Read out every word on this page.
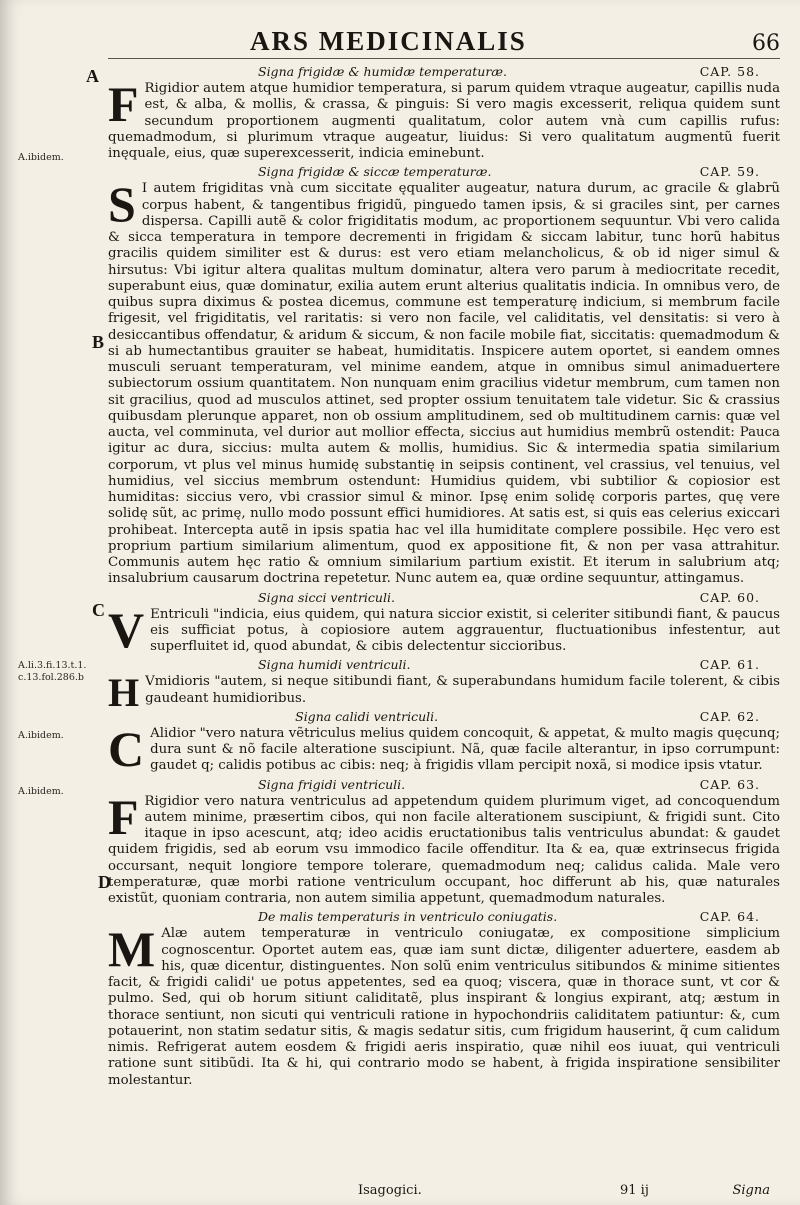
ARS MEDICINALIS	66
A
B
C
D
A.ibidem.
A.li.3.fi.13.t.1. c.13.fol.286.b
A.ibidem.
A.ibidem.
Signa frigidæ & humidæ temperaturæ.	CAP. 58.

F Rigidior autem atque humidior temperatura, si parum quidem vtraque augeatur, capillis nuda est, & alba, & mollis, & crassa, & pinguis: Si vero magis excesserit, reliqua quidem sunt secundum proportionem augmenti qualitatum, color autem vnà cum capillis rufus: quemadmodum, si plurimum vtraque augeatur, liuidus: Si vero qualitatum augmentũ fuerit inęquale, eius, quæ superexcesserit, indicia eminebunt.

Signa frigidæ & siccæ temperaturæ.	CAP. 59.

S I autem frigiditas vnà cum siccitate ęqualiter augeatur, natura durum, ac gracile & glabrũ corpus habent, & tangentibus frigidũ, pinguedo tamen ipsis, & si graciles sint, per carnes dispersa. Capilli autẽ & color frigiditatis modum, ac proportionem sequuntur. Vbi vero calida & sicca temperatura in tempore decrementi in frigidam & siccam labitur, tunc horũ habitus gracilis quidem similiter est & durus: est vero etiam melancholicus, & ob id niger simul & hirsutus: Vbi igitur altera qualitas multum dominatur, altera vero parum à mediocritate recedit, superabunt eius, quæ dominatur, exilia autem erunt alterius qualitatis indicia. In omnibus vero, de quibus supra diximus & postea dicemus, commune est temperaturę indicium, si membrum facile frigesit, vel frigiditatis, vel raritatis: si vero non facile, vel caliditatis, vel densitatis: si vero à desiccantibus offendatur, & aridum & siccum, & non facile mobile fiat, siccitatis: quemadmodum & si ab humectantibus grauiter se habeat, humiditatis. Inspicere autem oportet, si eandem omnes musculi seruant temperaturam, vel minime eandem, atque in omnibus simul animaduertere subiectorum ossium quantitatem. Non nunquam enim gracilius videtur membrum, cum tamen non sit gracilius, quod ad musculos attinet, sed propter ossium tenuitatem tale videtur. Sic & crassius quibusdam plerunque apparet, non ob ossium amplitudinem, sed ob multitudinem carnis: quæ vel aucta, vel comminuta, vel durior aut mollior effecta, siccius aut humidius membrũ ostendit: Pauca igitur ac dura, siccius: multa autem & mollis, humidius. Sic & intermedia spatia similarium corporum, vt plus vel minus humidę substantię in seipsis continent, vel crassius, vel tenuius, vel humidius, vel siccius membrum ostendunt: Humidius quidem, vbi subtilior & copiosior est humiditas: siccius vero, vbi crassior simul & minor. Ipsę enim solidę corporis partes, quę vere solidę sũt, ac primę, nullo modo possunt effici humidiores. At satis est, si quis eas celerius exiccari prohibeat. Intercepta autẽ in ipsis spatia hac vel illa humiditate complere possibile. Hęc vero est proprium partium similarium alimentum, quod ex appositione fit, & non per vasa attrahitur. Communis autem hęc ratio & omnium similarium partium existit. Et iterum in salubrium atq; insalubrium causarum doctrina repetetur. Nunc autem ea, quæ ordine sequuntur, attingamus.

Signa sicci ventriculi.	CAP. 60.

V Entriculi "indicia, eius quidem, qui natura siccior existit, si celeriter sitibundi fiant, & paucus eis sufficiat potus, à copiosiore autem aggrauentur, fluctuationibus infestentur, aut superfluitet id, quod abundat, & cibis delectentur siccioribus.

Signa humidi ventriculi.	CAP. 61.

H Vmidioris "autem, si neque sitibundi fiant, & superabundans humidum facile tolerent, & cibis gaudeant humidioribus.

Signa calidi ventriculi.	CAP. 62.

C Alidior "vero natura vẽtriculus melius quidem concoquit, & appetat, & multo magis quęcunq; dura sunt & nõ facile alteratione suscipiunt. Nã, quæ facile alterantur, in ipso corrumpunt: gaudet q; calidis potibus ac cibis: neq; à frigidis vllam percipit noxã, si modice ipsis vtatur.

Signa frigidi ventriculi.	CAP. 63.

F Rigidior vero natura ventriculus ad appetendum quidem plurimum viget, ad concoquendum autem minime, præsertim cibos, qui non facile alterationem suscipiunt, & frigidi sunt. Cito itaque in ipso acescunt, atq; ideo acidis eructationibus talis ventriculus abundat: & gaudet quidem frigidis, sed ab eorum vsu immodico facile offenditur. Ita & ea, quæ extrinsecus frigida occursant, nequit longiore tempore tolerare, quemadmodum neq; calidus calida. Male vero temperaturæ, quæ morbi ratione ventriculum occupant, hoc differunt ab his, quæ naturales existũt, quoniam contraria, non autem similia appetunt, quemadmodum naturales.

De malis temperaturis in ventriculo coniugatis.	CAP. 64.

M Alæ autem temperaturæ in ventriculo coniugatæ, ex compositione simplicium cognoscentur. Oportet autem eas, quæ iam sunt dictæ, diligenter aduertere, easdem ab his, quæ dicentur, distinguentes. Non solũ enim ventriculus sitibundos & minime sitientes facit, & frigidi calidi' ue potus appetentes, sed ea quoq; viscera, quæ in thorace sunt, vt cor & pulmo. Sed, qui ob horum sitiunt caliditatẽ, plus inspirant & longius expirant, atq; æstum in thorace sentiunt, non sicuti qui ventriculi ratione in hypochondriis caliditatem patiuntur: &, cum potauerint, non statim sedatur sitis, & magis sedatur sitis, cum frigidum hauserint, q̃ cum calidum nimis. Refrigerat autem eosdem & frigidi aeris inspiratio, quæ nihil eos iuuat, qui ventriculi ratione sunt sitibũdi. Ita & hi, qui contrario modo se habent, à frigida inspiratione sensibiliter molestantur.

Isagogici.	91 ij	Signa
